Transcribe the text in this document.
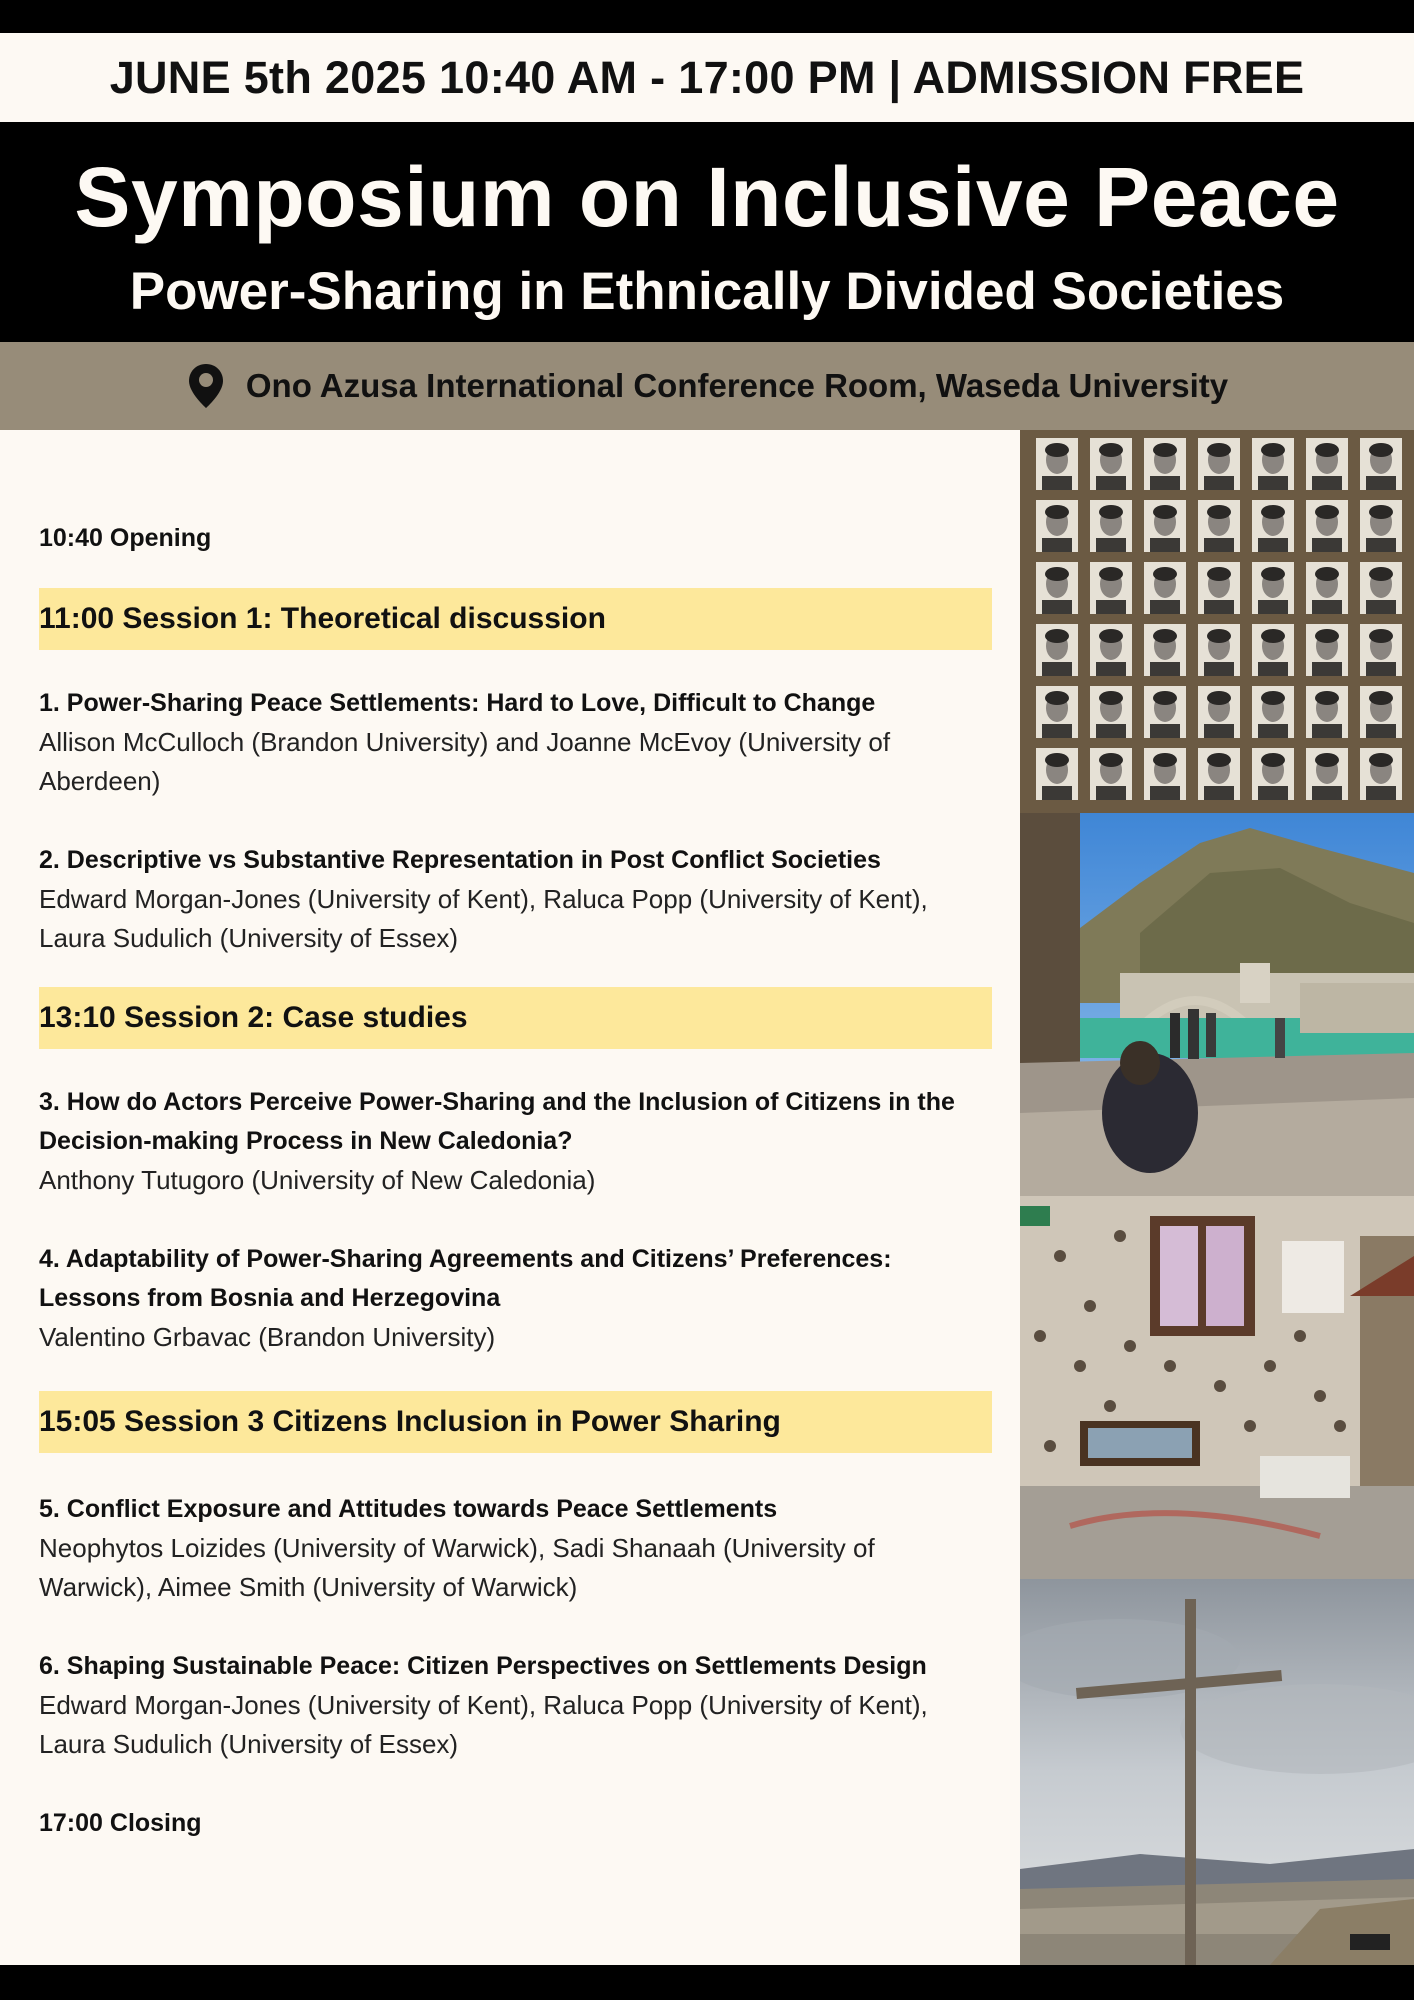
JUNE 5th 2025 10:40 AM - 17:00 PM | ADMISSION FREE
Symposium on Inclusive Peace
Power-Sharing in Ethnically Divided Societies
Ono Azusa International Conference Room, Waseda University
10:40 Opening
11:00 Session 1: Theoretical discussion
1. Power-Sharing Peace Settlements: Hard to Love, Difficult to Change
Allison McCulloch (Brandon University) and Joanne McEvoy (University of Aberdeen)
2. Descriptive vs Substantive Representation in Post Conflict Societies
Edward Morgan-Jones (University of Kent), Raluca Popp (University of Kent), Laura Sudulich (University of Essex)
13:10 Session 2: Case studies
3. How do Actors Perceive Power-Sharing and the Inclusion of Citizens in the Decision-making Process in New Caledonia?
Anthony Tutugoro (University of New Caledonia)
4. Adaptability of Power-Sharing Agreements and Citizens’ Preferences: Lessons from Bosnia and Herzegovina
Valentino Grbavac (Brandon University)
15:05 Session 3 Citizens Inclusion in Power Sharing
5. Conflict Exposure and Attitudes towards Peace Settlements
Neophytos Loizides (University of Warwick), Sadi Shanaah (University of Warwick), Aimee Smith (University of Warwick)
6. Shaping Sustainable Peace: Citizen Perspectives on Settlements Design
Edward Morgan-Jones (University of Kent), Raluca Popp (University of Kent), Laura Sudulich (University of Essex)
17:00 Closing
